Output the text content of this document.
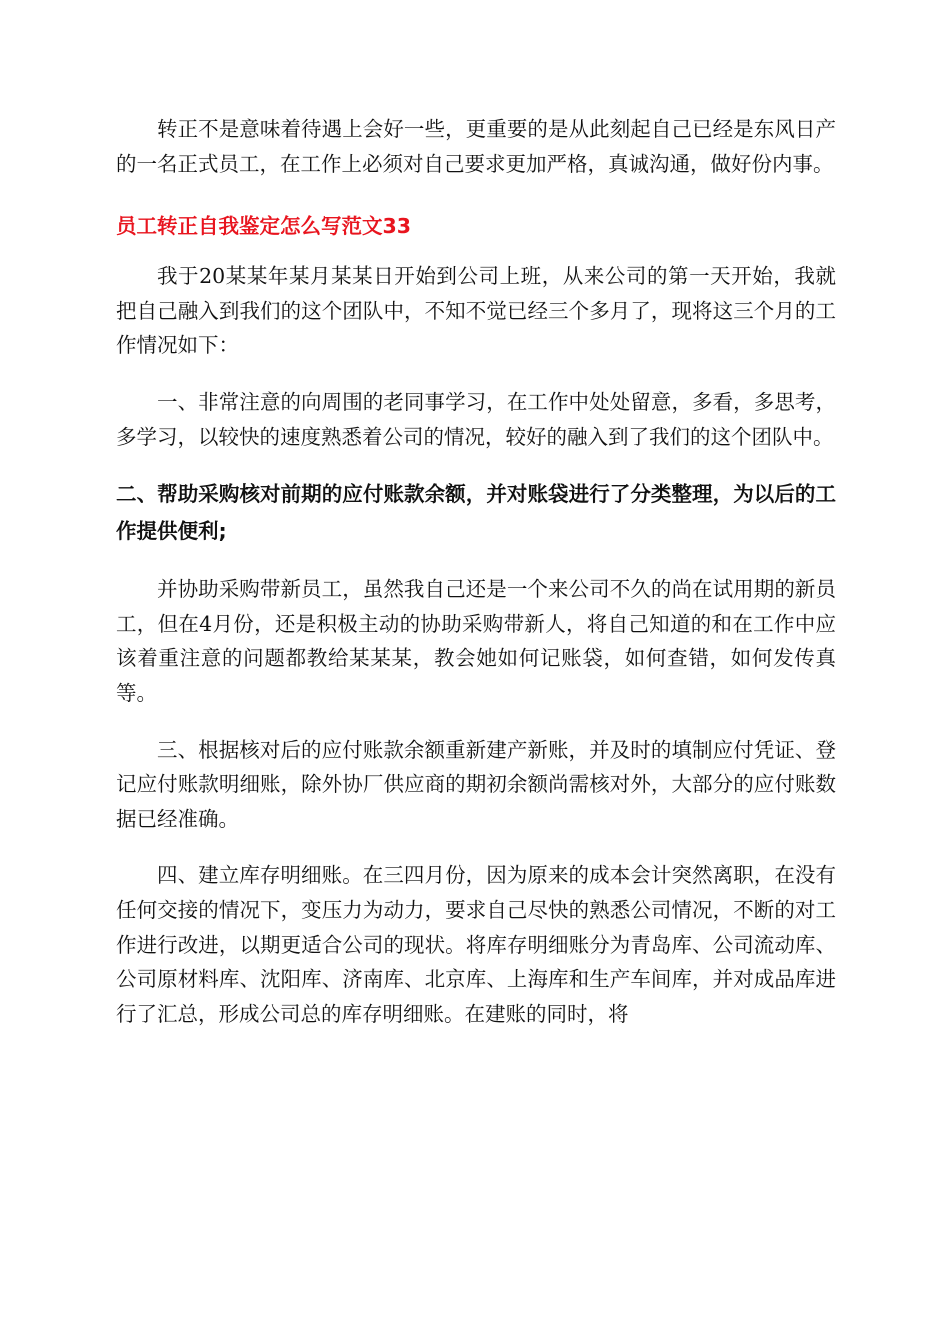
转正不是意味着待遇上会好一些，更重要的是从此刻起自己已经是东风日产的一名正式员工，在工作上必须对自己要求更加严格，真诚沟通，做好份内事。

员工转正自我鉴定怎么写范文33

我于20某某年某月某某日开始到公司上班，从来公司的第一天开始，我就把自己融入到我们的这个团队中，不知不觉已经三个多月了，现将这三个月的工作情况如下：

一、非常注意的向周围的老同事学习，在工作中处处留意，多看，多思考，多学习，以较快的速度熟悉着公司的情况，较好的融入到了我们的这个团队中。

二、帮助采购核对前期的应付账款余额，并对账袋进行了分类整理，为以后的工作提供便利;

并协助采购带新员工，虽然我自己还是一个来公司不久的尚在试用期的新员工，但在4月份，还是积极主动的协助采购带新人，将自己知道的和在工作中应该着重注意的问题都教给某某某，教会她如何记账袋，如何查错，如何发传真等。

三、根据核对后的应付账款余额重新建产新账，并及时的填制应付凭证、登记应付账款明细账，除外协厂供应商的期初余额尚需核对外，大部分的应付账数据已经准确。

四、建立库存明细账。在三四月份，因为原来的成本会计突然离职，在没有任何交接的情况下，变压力为动力，要求自己尽快的熟悉公司情况，不断的对工作进行改进，以期更适合公司的现状。将库存明细账分为青岛库、公司流动库、公司原材料库、沈阳库、济南库、北京库、上海库和生产车间库，并对成品库进行了汇总，形成公司总的库存明细账。在建账的同时，将
